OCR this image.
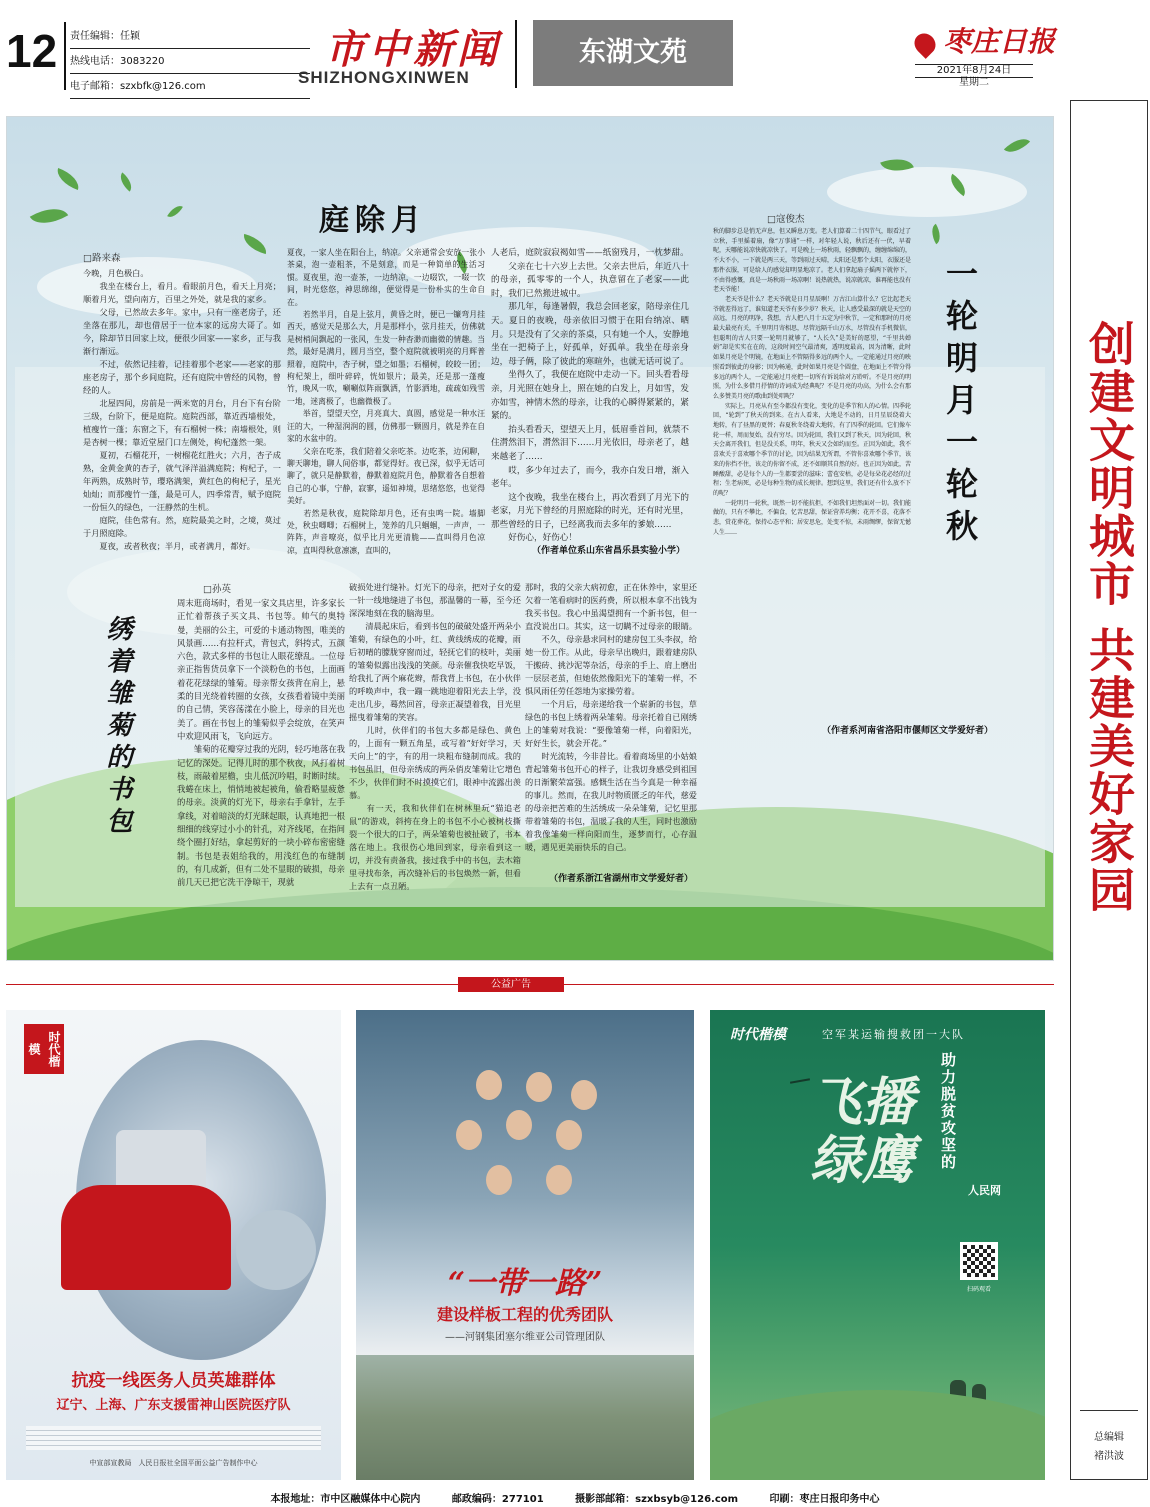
12	责任编辑：任颖
热线电话：3083220
电子邮箱：szxbfk@126.com
市中新闻
SHIZHONGXINWEN
东湖文苑	枣庄日报
2021年8月24日
星期二
庭除月
□路来森
今晚，月色极白。
　　我坐在楼台上，看月。看眼前月色，看天上月亮；顺着月光，望向南方，百里之外处，就是我的家乡。
　　父母，已然故去多年。家中，只有一座老房子，还坐落在那儿，却也借居于一位本家的远房大哥了。如今，除却节日回家上坟，便很少回家——家乡，正与我渐行渐远。
　　不过，依然记挂着，记挂着那个老家——老家的那座老房子，那个乡间庭院，还有庭院中曾经的风物，曾经的人。
　　北屋四间，房前是一两米宽的月台，月台下有台阶三级，台阶下，便是庭院。庭院西部，靠近西墙根处，植瘦竹一蓬；东窗之下，有石榴树一株；南墙根处，则是杏树一棵；靠近堂屋门口左侧处，枸杞蓬然一架。
　　夏初，石榴花开，一树榴花红胜火；六月，杏子成熟，金黄金黄的杏子，就气泽洋溢满庭院；枸杞子，一年两熟，成熟时节，璎珞满架，黄红色的枸杞子，星光灿灿；而那瘦竹一蓬，最是可人，四季常青，赋予庭院一份恒久的绿色，一汪静然的生机。
　　庭院，佳色常有。然，庭院最美之时，之境，莫过于月照庭除。
　　夏夜，或者秋夜；半月，或者满月，都好。
夏夜，一家人坐在阳台上，纳凉。父亲通常会安放一张小茶桌，泡一壶粗茶，不是刻意，而是一种简单的生活习惯。夏夜里，泡一壶茶，一边纳凉，一边啜饮，一啜一饮间，时光悠悠，神思绵绵，便觉得是一份朴实的生命自在。
　　若然半月，自是上弦月，黄昏之时，便已一镰弯月挂西天，感觉天是那么大，月是那样小，弦月挂天，仿佛就是树梢间飘起的一张风，生发一种杳渺而幽微的情趣。当然，最好是满月，圆月当空，整个庭院就被明亮的月辉普照着，庭院中，杏子树，望之如墨；石榴树，皎皎一团；枸杞架上，细叶碎碎，恍如银片；最美，还是那一蓬瘦竹，晚风一吹，唰唰似阵雨飘洒，竹影洒地，疏疏如残雪一地，迷离极了，也幽微极了。
　　举首，望望天空，月亮真大、真圆，感觉是一种水汪汪的大，一种湿润润的圆，仿佛那一颗圆月，就是养在自家的水盆中的。
　　父亲在吃茶，我们陪着父亲吃茶。边吃茶，边闲聊，聊天聊地，聊人间俗事，都觉得好。夜已深，似乎无话可聊了，就只是静默着，静默着庭院月色，静默着各自想着自己的心事，宁静，寂寥，遥如神境，思绪悠悠，也觉得美好。
　　若然是秋夜，庭院除却月色，还有虫鸣一院。墙脚处，秋虫唧唧；石榴树上，笼养的几只蝈蝈，一声声，一阵阵，声音嘹亮，似乎比月光更清脆——直叫得月色凉凉，直叫得秋意凛凛，直叫的，
人老后，庭院寂寂褐如雪——纸窗残月，一枕梦甜。
　　父亲在七十六岁上去世。父亲去世后，年近八十的母亲，孤零零的一个人，执意留在了老家——此时，我们已然搬进城中。
　　那几年，每逢暑假，我总会回老家，陪母亲住几天。夏日的夜晚，母亲依旧习惯于在阳台纳凉、晒月。只是没有了父亲的茶桌，只有她一个人，安静地坐在一把椅子上，好孤单，好孤单。我坐在母亲身边，母子俩，除了彼此的寒暄外，也就无话可说了。
　　坐得久了，我便在庭院中走动一下。回头看看母亲，月光照在她身上，照在她的白发上，月如雪，发亦如雪，神情木然的母亲，让我的心瞬得紧紧的，紧紧的。
　　抬头看看天，望望天上月，低眉垂首间，就禁不住潸然泪下，潸然泪下……月光依旧，母亲老了，越来越老了……
　　哎，多少年过去了，而今，我亦白发日增，渐入老年。
　　这个夜晚，我坐在楼台上，再次看到了月光下的老家，月光下曾经的月照庭除的时光，还有时光里，那些曾经的日子，已经离我而去多年的爹娘……
　　好伤心，好伤心！
（作者单位系山东省昌乐县实验小学）
□寇俊杰
秋的脚步总是悄无声息，但又瞬息万变。老人们算着二十四节气，眼看过了立秋，手里摇着扇，像“万事通”一样，对年轻人说，秋后还有一伏，早着呢，天哪能说凉快就凉快了。可是晚上一场秋雨，轻飘飘的，缠缠绵绵的，不大不小，一下就是两三天，等到雨过天晴，太阳还是那个太阳，衣服还是那件衣服，可是给人的感觉却明显地凉了。老人们拿起扇子摇两下就停下，不由得感慨，真是一场秋雨一场凉啊！说热就热，说凉就凉，谁再能也没有老天爷能！
　　老天爷是什么？老天爷就是日月星辰啊！万古江山算什么？它比起老天爷就差得远了，谁知道老天爷有多少岁？秋天，让人感受最深的就是天空的高远，月亮的明净，我想，古人把八月十五定为中秋节，一定和那时的月亮最大最亮有关，千里明月寄相思，尽管远隔千山万水，尽管没有手机微信，但聪明的古人只要一轮明月就够了，“人长久”是美好的愿望，“千里共婵娟”却是实实在在的，这段时间空气最清爽，透明度最高，因为清晰，此时如果月亮是个明镜，在地面上不管隔得多远的两个人，一定能通过月亮的映照看到彼此的身影；因为畅通，此时如果月亮是个圆盘，在地面上不管分得多远的两个人，一定能通过月亮把一切所有诉说给对方聆听。不是月亮的明照，为什么多借月抒情的诗词成为经典呢？不是月亮的功高，为什么会有那么多赞美月亮的歌曲到处唱呢？
　　实际上，月亮从有至今都没有变化，变化的是季节和人的心情。四季轮回，“轮到”了秋天的到来。在古人看来，大地是不动的，日月星辰绕着大地转，有了昼黑的更替；春夏秋冬绕着大地转，有了四季的轮回。它们像车轮一样，周而复始，没有穷尽。因为轮回，我们又到了秋天，因为轮回，秋天会离开我们，但是没关系，明年，秋天又会如约而至。正因为如此，我不喜欢关于喜欢哪个季节的讨论，因为结果无所谓，不管你喜欢哪个季节，该来的你挡不住，该走的你留不成，还不如顺其自然的好。也正因为如此，苦睡酸甜，必是每个人的一生都要尝的滋味；蕾苞安枯，必是每朵花必经的过程；生老病死，必是每种生物的成长规律。想到这里，我们还有什么放不下的呢？
　　一轮明月一轮秋，既然一切不能抗拒，不如我们坦然面对一切。我们能做的，只有不攀比，不偏食，忆苦思甜，保证营养均衡；花开不喜，花落不悲，赏花葬花，保持心态平和；居安思危，处变不惊，未雨绸缪，保留无憾人生……	一轮明月一轮秋
（作者系河南省洛阳市偃师区文学爱好者）
绣着雏菊的书包
□孙英
周末逛商场时，看见一家文具店里，许多家长正忙着帮孩子买文具、书包等。帅气的奥特曼，美丽的公主，可爱的卡通动物图，唯美的风景画……有拉杆式，背包式，斜挎式，五颜六色，款式多样的书包让人眼花缭乱。一位母亲正指售货员拿下一个淡粉色的书包，上面画着花花绿绿的雏菊。母亲帮女孩背在肩上，悬柔的目光绕着转圈的女孩，女孩看着镜中美丽的自己情，笑容荡漾在小脸上，母亲的目光也美了。画在书包上的雏菊似乎会绽放，在笑声中欢迎风雨飞，飞向远方。
　　雏菊的花瓣穿过我的光阴，轻巧地落在我记忆的深处。记得儿时的那个秋夜，风打着树枝，雨敲着屋檐，虫儿低沉吟唱，时断时续。我蜷在床上，悄悄地被起被角，偷看略显疲惫的母亲。淡黄的灯光下，母亲右手拿针，左手拿线，对着暗淡的灯光眯起眼，认真地把一根细细的线穿过小小的针孔，对齐线尾，在指间绕个圈打好结，拿起剪好的一块小碎布密密缝制。书包是表姐给我的，用浅红色的布缝制的，有几成新，但有二处不显眼的破损，母亲前几天已把它洗干净晾干，现就
破损处进行缝补。灯光下的母亲，把对子女的爱一针一线地缝进了书包，那温馨的一幕，至今还深深地刻在我的脑海里。
　　清晨起床后，看到书包的破破处盛开两朵小雏菊，有绿色的小叶，红、黄线绣成的花瓣，雨后初晴的朦胧穿窗而过，轻抚它们的枝叶，美丽的雏菊似露出浅浅的笑颜。母亲催我快吃早饭，给我扎了两个麻花辫，帮我背上书包，在小伙伴的呼唤声中，我一蹦一跳地迎着阳光去上学，没走出几步，蓦然回首，母亲正凝望着我，目光里摇曳着雏菊的笑容。
　　儿时，伙伴们的书包大多都是绿色、黄色的，上面有一颗五角星，或写着“好好学习，天天向上”的字，有的用一块粗布缝制而成。我的书包虽旧，但母亲绣成的两朵俏皮雏菊让它增色不少，伙伴们时不时摸摸它们，眼神中流露出羡慕。
　　有一天，我和伙伴们在树林里玩“猫追老鼠”的游戏，斜挎在身上的书包不小心被树枝撕裂一个很大的口子，两朵雏菊也被扯破了，书本落在地上。我很伤心地回到家，母亲看到这一切，并没有责备我，接过我手中的书包，去木箱里寻找布条，再次缝补后的书包焕然一新，但看上去有一点丑陋。
那时，我的父亲大病初愈，正在休养中，家里还欠着一笔看病时的医药费，所以根本拿不出钱为我买书包。我心中虽渴望拥有一个新书包，但一直没说出口。其实，这一切瞒不过母亲的眼睛。
　　不久，母亲悬求同村的建房包工头李叔，给她一份工作。从此，母亲早出晚归，跟着建房队干搬砖、挑沙泥等杂活，母亲的手上、肩上磨出一层层老茧，但她依然像阳光下的雏菊一样，不惧风雨任劳任怨地为家操劳着。
　　一个月后，母亲递给我一个崭新的书包，草绿色的书包上绣着两朵雏菊。母亲托着自已刚绣上的雏菊对我说：“要像雏菊一样，向着阳光，好好生长，就会开花。”
　　时光流转，今非昔比。看着商场里的小姑娘背起雏菊书包开心的样子，让我切身感受到祖国的日渐繁荣富强。感慨生活在当今真是一种幸福的事儿。然而，在我儿时物质匮乏的年代，慈爱的母亲把苦难的生活绣成一朵朵雏菊，记忆里那带着雏菊的书包，温暖了我的人生，同时也激励着我像雏菊一样向阳而生，逐梦而行，心存温暖，遇见更美丽快乐的自己。
（作者系浙江省湖州市文学爱好者）	创建文明城市 共建美好家园
总编辑
褚洪波
公益广告
时代楷模
抗疫一线医务人员英雄群体
辽宁、上海、广东支援雷神山医院医疗队
中宣部宣教局　人民日报社全国平面公益广告制作中心
“一带一路”
建设样板工程的优秀团队
——河钢集团塞尔维亚公司管理团队
时代楷模	空军某运输搜救团一大队
助力脱贫攻坚的
飞播绿鹰	人民网
扫码观看
本报地址：市中区融媒体中心院内	邮政编码：277101	摄影部邮箱：szxbsyb@126.com	印刷：枣庄日报印务中心
